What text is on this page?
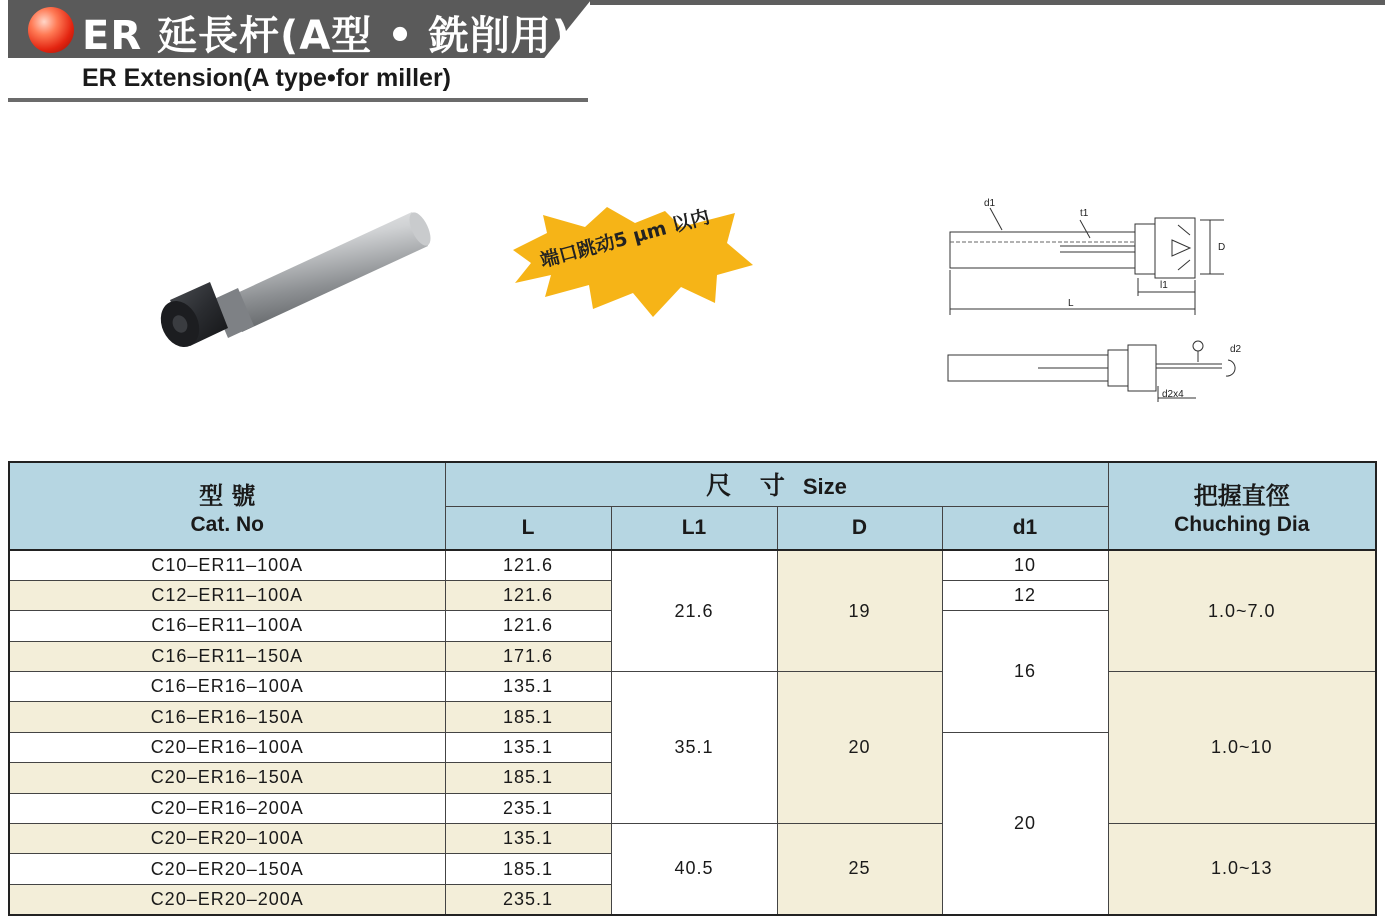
ER 延長杆(A型 • 銑削用)
ER Extension(A type•for miller)
端口跳动5 μm 以内
d1
t1
D
l1
L
d2
d2x4
型 號
Cat. No	尺 寸 Size				把握直徑
Chuching Dia

	L	L1	D	d1	
C10–ER11–100A	121.6	21.6	19	10	1.0~7.0
C12–ER11–100A	121.6			12	
C16–ER11–100A	121.6			16	
C16–ER11–150A	171.6				
C16–ER16–100A	135.1	35.1	20		1.0~10
C16–ER16–150A	185.1				
C20–ER16–100A	135.1			20	
C20–ER16–150A	185.1				
C20–ER16–200A	235.1				
C20–ER20–100A	135.1	40.5	25		1.0~13
C20–ER20–150A	185.1				
C20–ER20–200A	235.1				
